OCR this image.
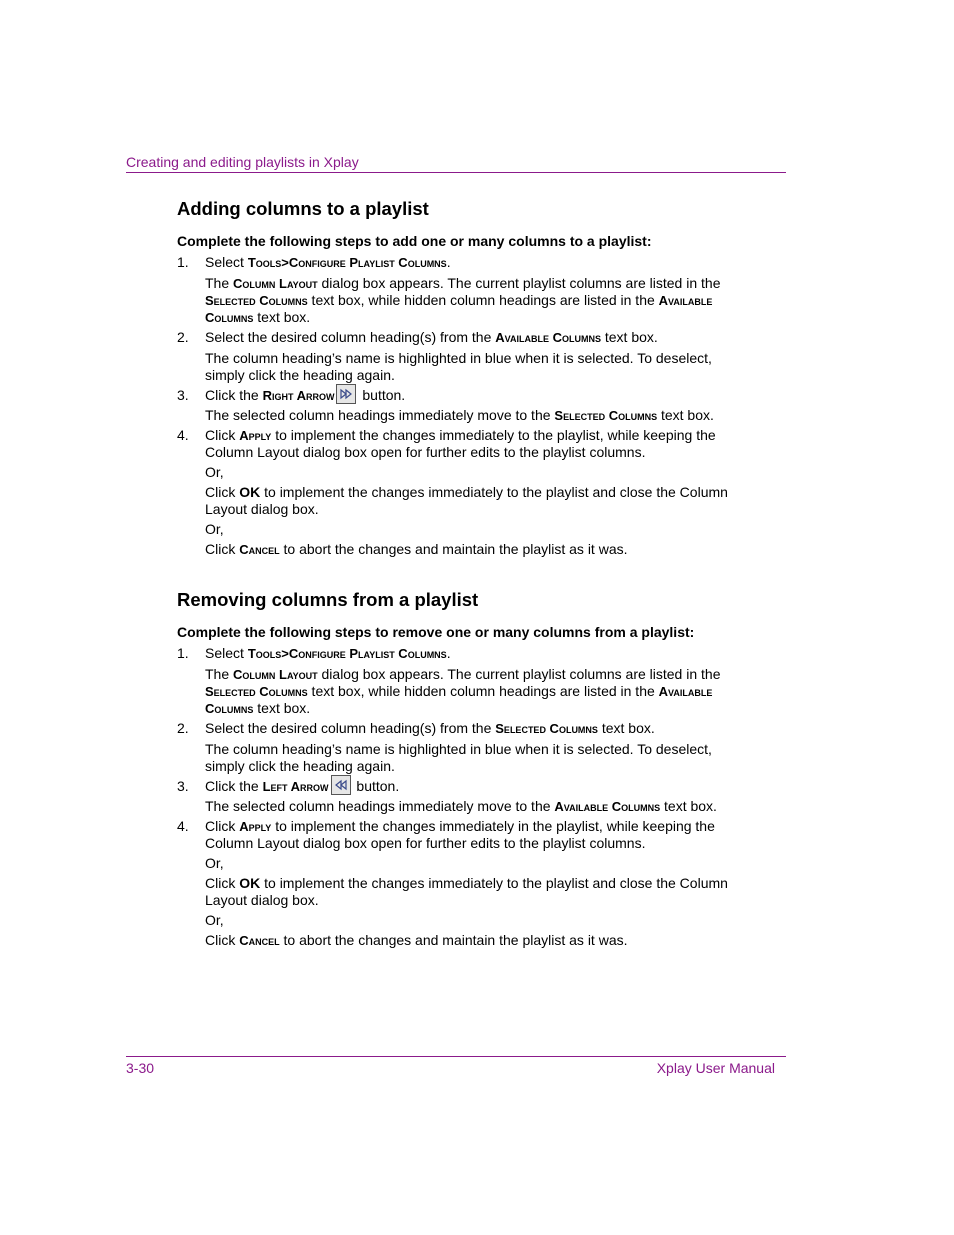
Creating and editing playlists in Xplay
Adding columns to a playlist

Complete the following steps to add one or many columns to a playlist:

1.	Select Tools>Configure Playlist Columns.

The Column Layout dialog box appears. The current playlist columns are listed in the Selected Columns text box, while hidden column headings are listed in the Available Columns text box.

2.	Select the desired column heading(s) from the Available Columns text box.

The column heading’s name is highlighted in blue when it is selected. To deselect, simply click the heading again.

3.	Click the Right Arrow
button.

The selected column headings immediately move to the Selected Columns text box.

4.	Click Apply to implement the changes immediately to the playlist, while keeping the Column Layout dialog box open for further edits to the playlist columns.

Or,

Click OK to implement the changes immediately to the playlist and close the Column Layout dialog box.

Or,

Click Cancel to abort the changes and maintain the playlist as it was.

Removing columns from a playlist

Complete the following steps to remove one or many columns from a playlist:

1.	Select Tools>Configure Playlist Columns.

The Column Layout dialog box appears. The current playlist columns are listed in the Selected Columns text box, while hidden column headings are listed in the Available Columns text box.

2.	Select the desired column heading(s) from the Selected Columns text box.

The column heading’s name is highlighted in blue when it is selected. To deselect, simply click the heading again.

3.	Click the Left Arrow
button.

The selected column headings immediately move to the Available Columns text box.

4.	Click Apply to implement the changes immediately in the playlist, while keeping the Column Layout dialog box open for further edits to the playlist columns.

Or,

Click OK to implement the changes immediately to the playlist and close the Column Layout dialog box.

Or,

Click Cancel to abort the changes and maintain the playlist as it was.

3-30	Xplay User Manual
